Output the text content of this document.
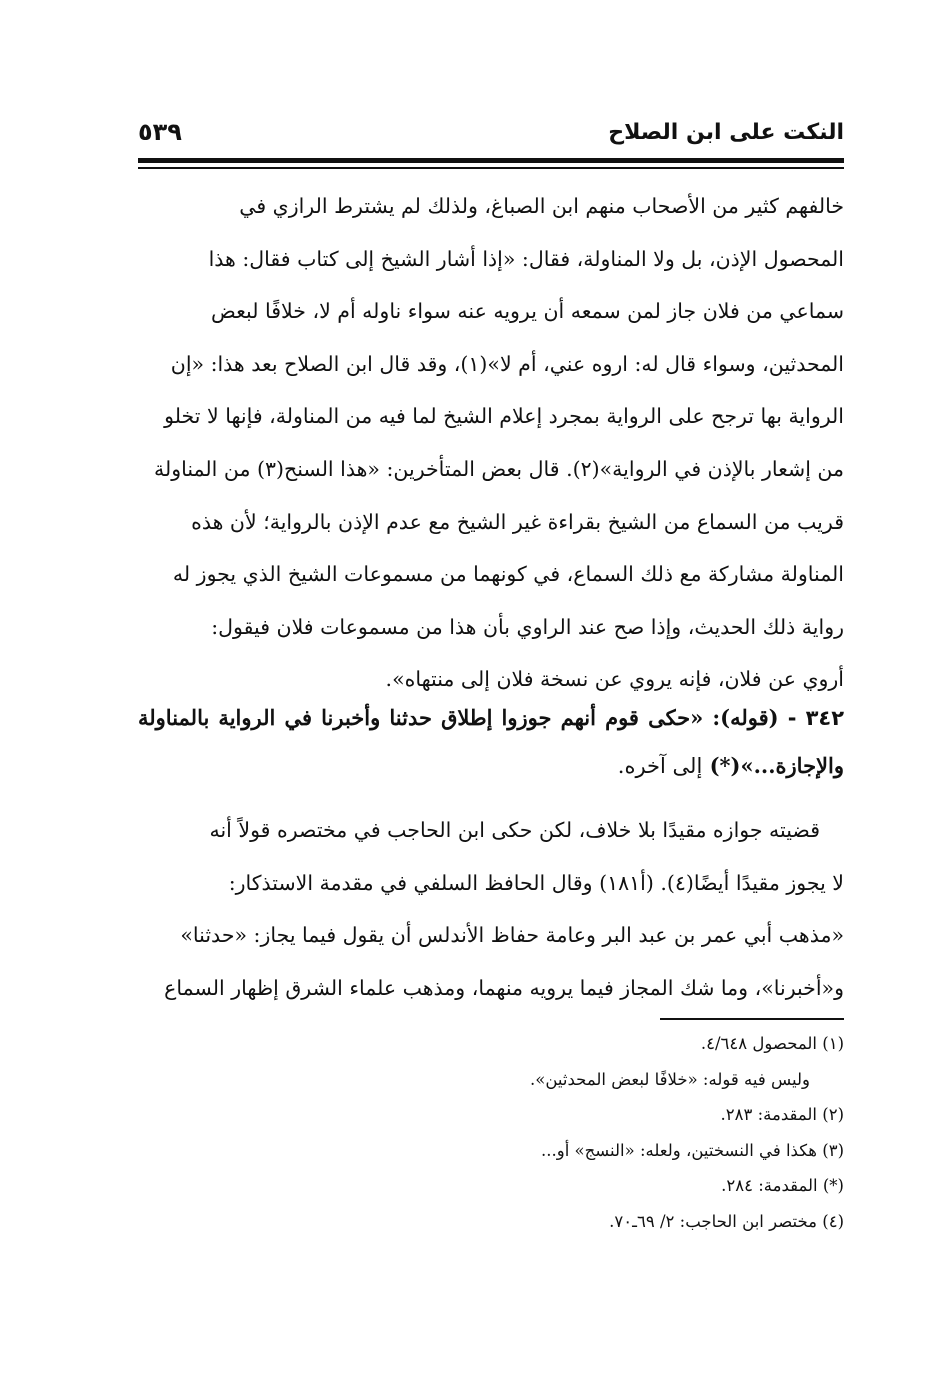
النكت على ابن الصلاح
٥٣٩

خالفهم كثير من الأصحاب منهم ابن الصباغ، ولذلك لم يشترط الرازي في

المحصول الإذن، بل ولا المناولة، فقال: «إذا أشار الشيخ إلى كتاب فقال: هذا

سماعي من فلان جاز لمن سمعه أن يرويه عنه سواء ناوله أم لا، خلافًا لبعض

المحدثين، وسواء قال له: اروه عني، أم لا»(١)، وقد قال ابن الصلاح بعد هذا: «إن

الرواية بها ترجح على الرواية بمجرد إعلام الشيخ لما فيه من المناولة، فإنها لا تخلو

من إشعار بالإذن في الرواية»(٢). قال بعض المتأخرين: «هذا السنح(٣) من المناولة

قريب من السماع من الشيخ بقراءة غير الشيخ مع عدم الإذن بالرواية؛ لأن هذه

المناولة مشاركة مع ذلك السماع، في كونهما من مسموعات الشيخ الذي يجوز له

رواية ذلك الحديث، وإذا صح عند الراوي بأن هذا من مسموعات فلان فيقول:

أروي عن فلان، فإنه يروي عن نسخة فلان إلى منتهاه».

٣٤٢ - (قوله): «حكى قوم أنهم جوزوا إطلاق حدثنا وأخبرنا في الرواية بالمناولة والإجازة...»(*) إلى آخره.

قضيته جوازه مقيدًا بلا خلاف، لكن حكى ابن الحاجب في مختصره قولاً أنه

لا يجوز مقيدًا أيضًا(٤). (أ١٨١) وقال الحافظ السلفي في مقدمة الاستذكار:

«مذهب أبي عمر بن عبد البر وعامة حفاظ الأندلس أن يقول فيما يجاز: «حدثنا»

و«أخبرنا»، وما شك المجاز فيما يرويه منهما، ومذهب علماء الشرق إظهار السماع

(١) المحصول ٤/٦٤٨.
وليس فيه قوله: «خلافًا لبعض المحدثين».
(٢) المقدمة: ٢٨٣.
(٣) هكذا في النسختين، ولعله: «النسج» أو...
(*) المقدمة: ٢٨٤.
(٤) مختصر ابن الحاجب: ٢/ ٦٩ـ٧٠.
